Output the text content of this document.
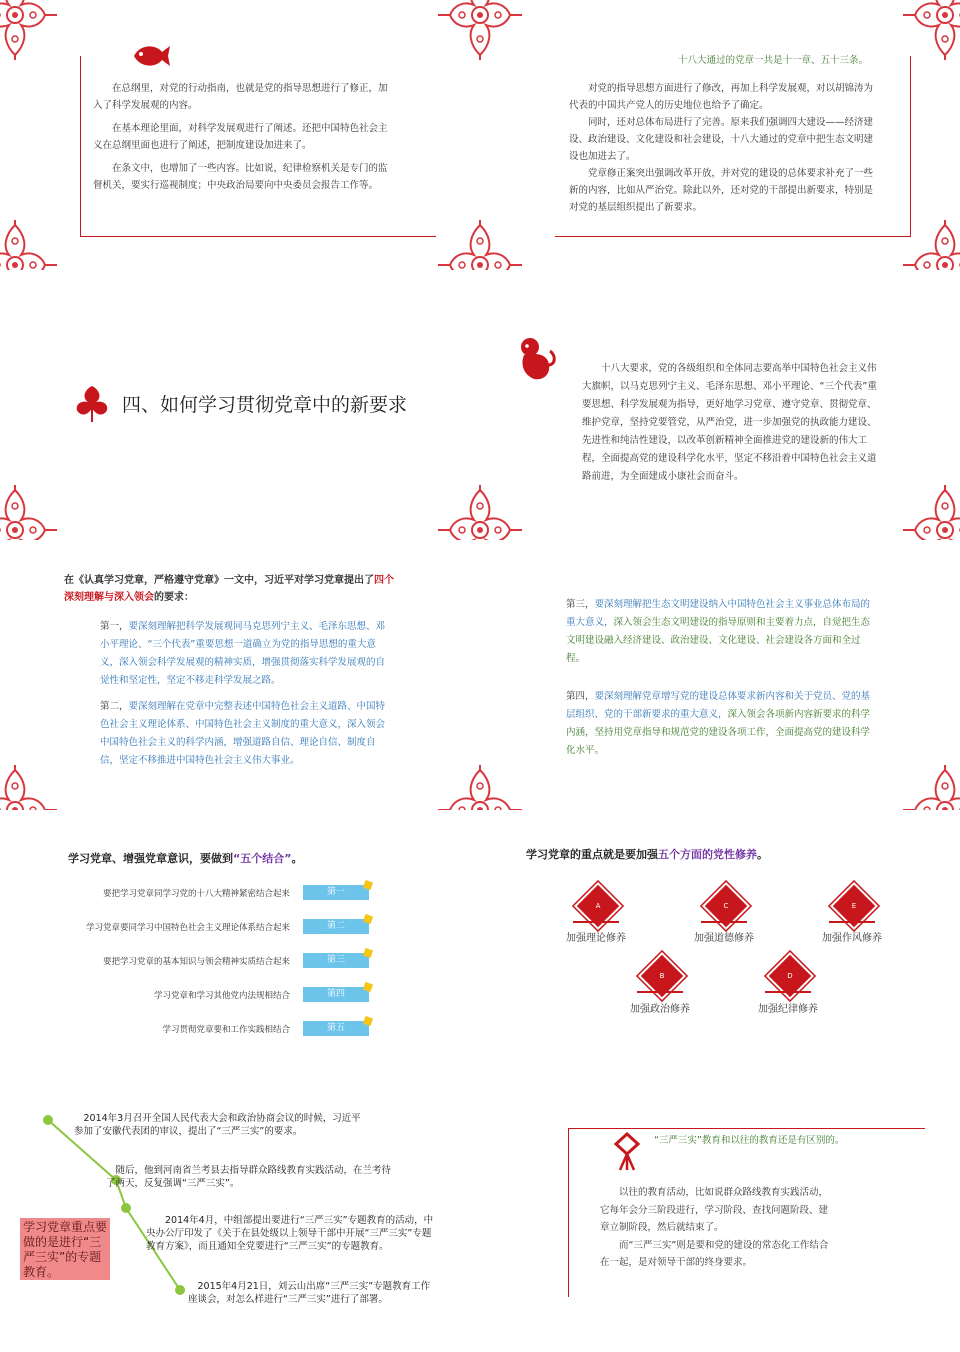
在总纲里，对党的行动指南，也就是党的指导思想进行了修正，加入了科学发展观的内容。

在基本理论里面，对科学发展观进行了阐述。还把中国特色社会主义在总纲里面也进行了阐述，把制度建设加进来了。

在条文中，也增加了一些内容。比如说，纪律检察机关是专门的监督机关，要实行巡视制度；中央政治局要向中央委员会报告工作等。

十八大通过的党章一共是十一章、五十三条。

对党的指导思想方面进行了修改，再加上科学发展观，对以胡锦涛为代表的中国共产党人的历史地位也给予了确定。

同时，还对总体布局进行了完善。原来我们强调四大建设——经济建设、政治建设、文化建设和社会建设，十八大通过的党章中把生态文明建设也加进去了。

党章修正案突出强调改革开放，并对党的建设的总体要求补充了一些新的内容，比如从严治党。除此以外，还对党的干部提出新要求，特别是对党的基层组织提出了新要求。

四、如何学习贯彻党章中的新要求

十八大要求，党的各级组织和全体同志要高举中国特色社会主义伟大旗帜，以马克思列宁主义、毛泽东思想、邓小平理论、“三个代表”重要思想、科学发展观为指导，更好地学习党章、遵守党章、贯彻党章、维护党章，坚持党要管党，从严治党，进一步加强党的执政能力建设、先进性和纯洁性建设，以改革创新精神全面推进党的建设新的伟大工程，全面提高党的建设科学化水平，坚定不移沿着中国特色社会主义道路前进，为全面建成小康社会而奋斗。

在《认真学习党章，严格遵守党章》一文中，习近平对学习党章提出了四个深刻理解与深入领会的要求：
第一，要深刻理解把科学发展观同马克思列宁主义、毛泽东思想、邓小平理论、“三个代表”重要思想一道确立为党的指导思想的重大意义，深入领会科学发展观的精神实质，增强贯彻落实科学发展观的自觉性和坚定性，坚定不移走科学发展之路。
第二，要深刻理解在党章中完整表述中国特色社会主义道路、中国特色社会主义理论体系、中国特色社会主义制度的重大意义，深入领会中国特色社会主义的科学内涵，增强道路自信、理论自信、制度自信，坚定不移推进中国特色社会主义伟大事业。
第三，要深刻理解把生态文明建设纳入中国特色社会主义事业总体布局的重大意义，深入领会生态文明建设的指导原则和主要着力点，自觉把生态文明建设融入经济建设、政治建设、文化建设、社会建设各方面和全过程。
第四，要深刻理解党章增写党的建设总体要求新内容和关于党员、党的基层组织、党的干部新要求的重大意义，深入领会各项新内容新要求的科学内涵，坚持用党章指导和规范党的建设各项工作，全面提高党的建设科学化水平。
学习党章、增强党章意识，要做到“五个结合”。
要把学习党章同学习党的十八大精神紧密结合起来	第一
学习党章要同学习中国特色社会主义理论体系结合起来	第二
要把学习党章的基本知识与领会精神实质结合起来	第三
学习党章和学习其他党内法规相结合	第四
学习贯彻党章要和工作实践相结合	第五
学习党章的重点就是要加强五个方面的党性修养。
A
加强理论修养
C
加强道德修养
E
加强作风修养
B
加强政治修养
D
加强纪律修养
2014年3月召开全国人民代表大会和政治协商会议的时候，习近平参加了安徽代表团的审议，提出了“三严三实”的要求。
随后，他到河南省兰考县去指导群众路线教育实践活动，在兰考待了两天，反复强调“三严三实”。
2014年4月，中组部提出要进行“三严三实”专题教育的活动，中央办公厅印发了《关于在县处级以上领导干部中开展“三严三实”专题教育方案》，而且通知全党要进行“三严三实”的专题教育。
2015年4月21日，刘云山出席“三严三实”专题教育工作座谈会，对怎么样进行“三严三实”进行了部署。
学习党章重点要做的是进行“三严三实”的专题教育。
“三严三实”教育和以往的教育还是有区别的。

以往的教育活动，比如说群众路线教育实践活动，它每年会分三阶段进行，学习阶段、查找问题阶段、建章立制阶段，然后就结束了。

而“三严三实”则是要和党的建设的常态化工作结合在一起，是对领导干部的终身要求。
